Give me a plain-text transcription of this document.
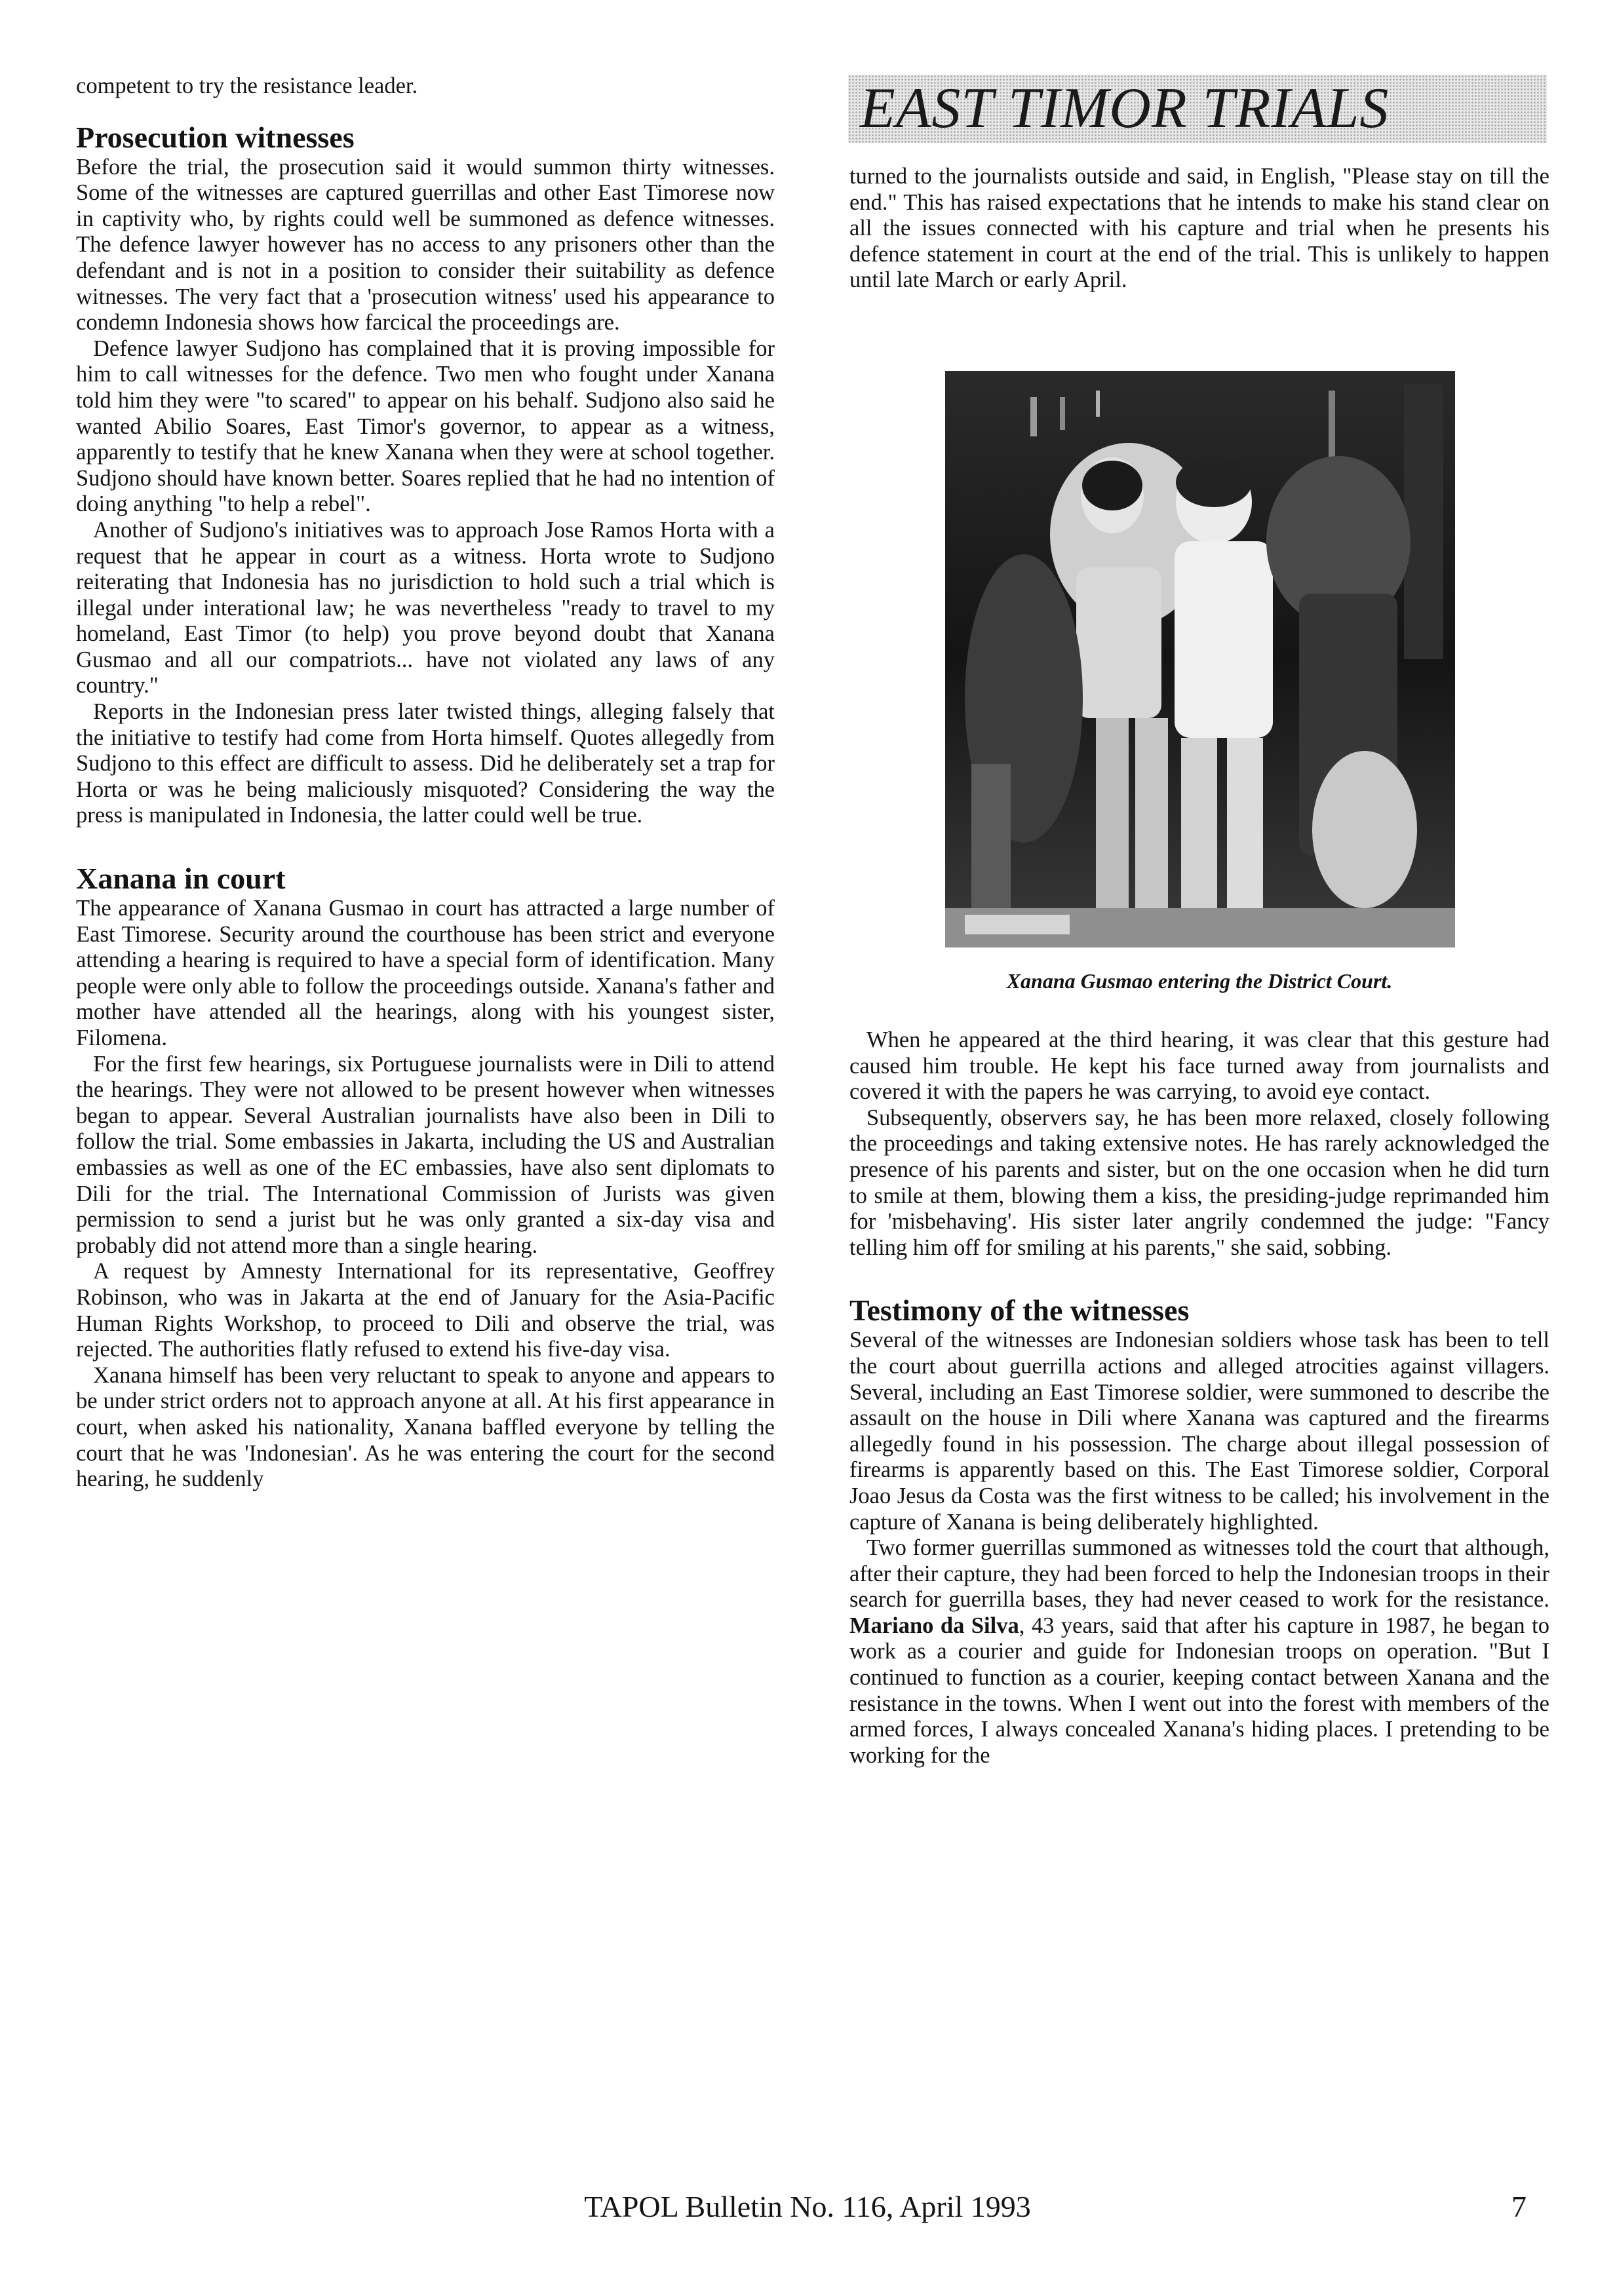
competent to try the resistance leader.

Prosecution witnesses

Before the trial, the prosecution said it would summon thirty witnesses. Some of the witnesses are captured guerrillas and other East Timorese now in captivity who, by rights could well be summoned as defence witnesses. The defence lawyer however has no access to any prisoners other than the defendant and is not in a position to consider their suitability as defence witnesses. The very fact that a 'prosecution witness' used his appearance to condemn Indonesia shows how farcical the proceedings are.

Defence lawyer Sudjono has complained that it is proving impossible for him to call witnesses for the defence. Two men who fought under Xanana told him they were "to scared" to appear on his behalf. Sudjono also said he wanted Abilio Soares, East Timor's governor, to appear as a witness, apparently to testify that he knew Xanana when they were at school together. Sudjono should have known better. Soares replied that he had no intention of doing anything "to help a rebel".

Another of Sudjono's initiatives was to approach Jose Ramos Horta with a request that he appear in court as a witness. Horta wrote to Sudjono reiterating that Indonesia has no jurisdiction to hold such a trial which is illegal under interational law; he was nevertheless "ready to travel to my homeland, East Timor (to help) you prove beyond doubt that Xanana Gusmao and all our compatriots... have not violated any laws of any country."

Reports in the Indonesian press later twisted things, alleging falsely that the initiative to testify had come from Horta himself. Quotes allegedly from Sudjono to this effect are difficult to assess. Did he deliberately set a trap for Horta or was he being maliciously misquoted? Considering the way the press is manipulated in Indonesia, the latter could well be true.

Xanana in court

The appearance of Xanana Gusmao in court has attracted a large number of East Timorese. Security around the courthouse has been strict and everyone attending a hearing is required to have a special form of identification. Many people were only able to follow the proceedings outside. Xanana's father and mother have attended all the hearings, along with his youngest sister, Filomena.

For the first few hearings, six Portuguese journalists were in Dili to attend the hearings. They were not allowed to be present however when witnesses began to appear. Several Australian journalists have also been in Dili to follow the trial. Some embassies in Jakarta, including the US and Australian embassies as well as one of the EC embassies, have also sent diplomats to Dili for the trial. The International Commission of Jurists was given permission to send a jurist but he was only granted a six-day visa and probably did not attend more than a single hearing.

A request by Amnesty International for its representative, Geoffrey Robinson, who was in Jakarta at the end of January for the Asia-Pacific Human Rights Workshop, to proceed to Dili and observe the trial, was rejected. The authorities flatly refused to extend his five-day visa.

Xanana himself has been very reluctant to speak to anyone and appears to be under strict orders not to approach anyone at all. At his first appearance in court, when asked his nationality, Xanana baffled everyone by telling the court that he was 'Indonesian'. As he was entering the court for the second hearing, he suddenly

EAST TIMOR TRIALS

turned to the journalists outside and said, in English, "Please stay on till the end." This has raised expectations that he intends to make his stand clear on all the issues connected with his capture and trial when he presents his defence statement in court at the end of the trial. This is unlikely to happen until late March or early April.

Xanana Gusmao entering the District Court.

When he appeared at the third hearing, it was clear that this gesture had caused him trouble. He kept his face turned away from journalists and covered it with the papers he was carrying, to avoid eye contact.

Subsequently, observers say, he has been more relaxed, closely following the proceedings and taking extensive notes. He has rarely acknowledged the presence of his parents and sister, but on the one occasion when he did turn to smile at them, blowing them a kiss, the presiding-judge reprimanded him for 'misbehaving'. His sister later angrily condemned the judge: "Fancy telling him off for smiling at his parents," she said, sobbing.

Testimony of the witnesses

Several of the witnesses are Indonesian soldiers whose task has been to tell the court about guerrilla actions and alleged atrocities against villagers. Several, including an East Timorese soldier, were summoned to describe the assault on the house in Dili where Xanana was captured and the firearms allegedly found in his possession. The charge about illegal possession of firearms is apparently based on this. The East Timorese soldier, Corporal Joao Jesus da Costa was the first witness to be called; his involvement in the capture of Xanana is being deliberately highlighted.

Two former guerrillas summoned as witnesses told the court that although, after their capture, they had been forced to help the Indonesian troops in their search for guerrilla bases, they had never ceased to work for the resistance. Mariano da Silva, 43 years, said that after his capture in 1987, he began to work as a courier and guide for Indonesian troops on operation. "But I continued to function as a courier, keeping contact between Xanana and the resistance in the towns. When I went out into the forest with members of the armed forces, I always concealed Xanana's hiding places. I pretending to be working for the

TAPOL Bulletin No. 116, April 1993	7
